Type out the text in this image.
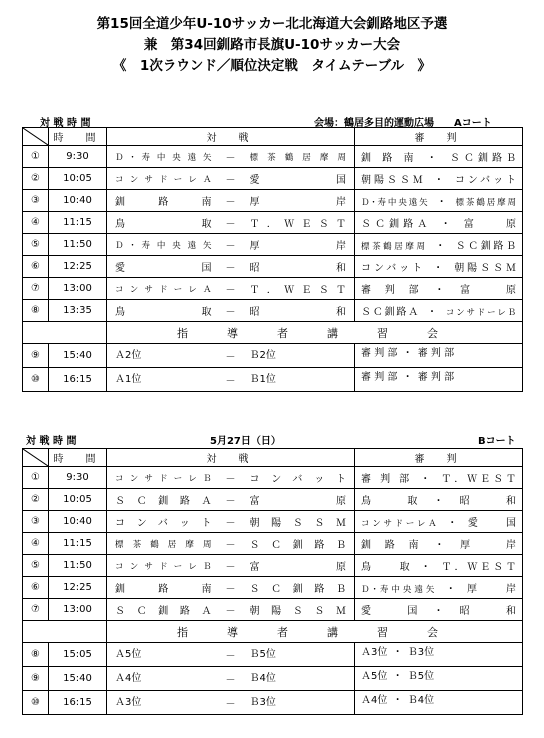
第15回全道少年U-10サッカー北北海道大会釧路地区予選
兼　第34回釧路市長旗U-10サッカー大会
《　1次ラウンド／順位決定戦　タイムテーブル　》
対 戦 時 間	会場：鶴居多目的運動広場 Aコート
	時　間	対　戦			審　判
①	9:30	Ｄ･寿中央遠矢	－	標茶鶴居摩周	釧 路 南 ・ ＳＣ釧路Ｂ
②	10:05	コンサドーレＡ	－	愛　　国	朝陽ＳＳＭ ・ コンバット
③	10:40	釧　路　南	－	厚　　岸	Ｄ･寿中央遠矢 ・ 標茶鶴居摩周
④	11:15	鳥　　取	－	Ｔ．ＷＥＳＴ	ＳＣ釧路Ａ ・ 富　　原
⑤	11:50	Ｄ･寿中央遠矢	－	厚　　岸	標茶鶴居摩周 ・ ＳＣ釧路Ｂ
⑥	12:25	愛　　国	－	昭　　和	コンバット ・ 朝陽ＳＳＭ
⑦	13:00	コンサドーレＡ	－	Ｔ．ＷＥＳＴ	審 判 部 ・ 富　　原
⑧	13:35	鳥　　取	－	昭　　和	ＳＣ釧路Ａ ・ コンサドーレＢ
		指　導　者　講　習　会			
⑨	15:40	Ａ2位	－	Ｂ2位	審 判 部 ・ 審 判 部
⑩	16:15	Ａ1位	－	Ｂ1位	審 判 部 ・ 審 判 部
対 戦 時 間	5月27日（日）	Bコート
	時　間	対　戦			審　判
①	9:30	コンサドーレＢ	－	コンバット	審 判 部 ・ Ｔ．ＷＥＳＴ
②	10:05	ＳＣ釧路Ａ	－	富　　原	鳥　　取 ・ 昭　　和
③	10:40	コンバット	－	朝陽ＳＳＭ	コンサドーレＡ ・ 愛　　国
④	11:15	標茶鶴居摩周	－	ＳＣ釧路Ｂ	釧 路 南 ・ 厚　　岸
⑤	11:50	コンサドーレＢ	－	富　　原	鳥　　取 ・ Ｔ．ＷＥＳＴ
⑥	12:25	釧　路　南	－	ＳＣ釧路Ｂ	Ｄ･寿中央遠矢 ・ 厚　　岸
⑦	13:00	ＳＣ釧路Ａ	－	朝陽ＳＳＭ	愛　　国 ・ 昭　　和
		指　導　者　講　習　会			
⑧	15:05	Ａ5位	－	Ｂ5位	Ａ3位 ・ Ｂ3位
⑨	15:40	Ａ4位	－	Ｂ4位	Ａ5位 ・ Ｂ5位
⑩	16:15	Ａ3位	－	Ｂ3位	Ａ4位 ・ Ｂ4位
